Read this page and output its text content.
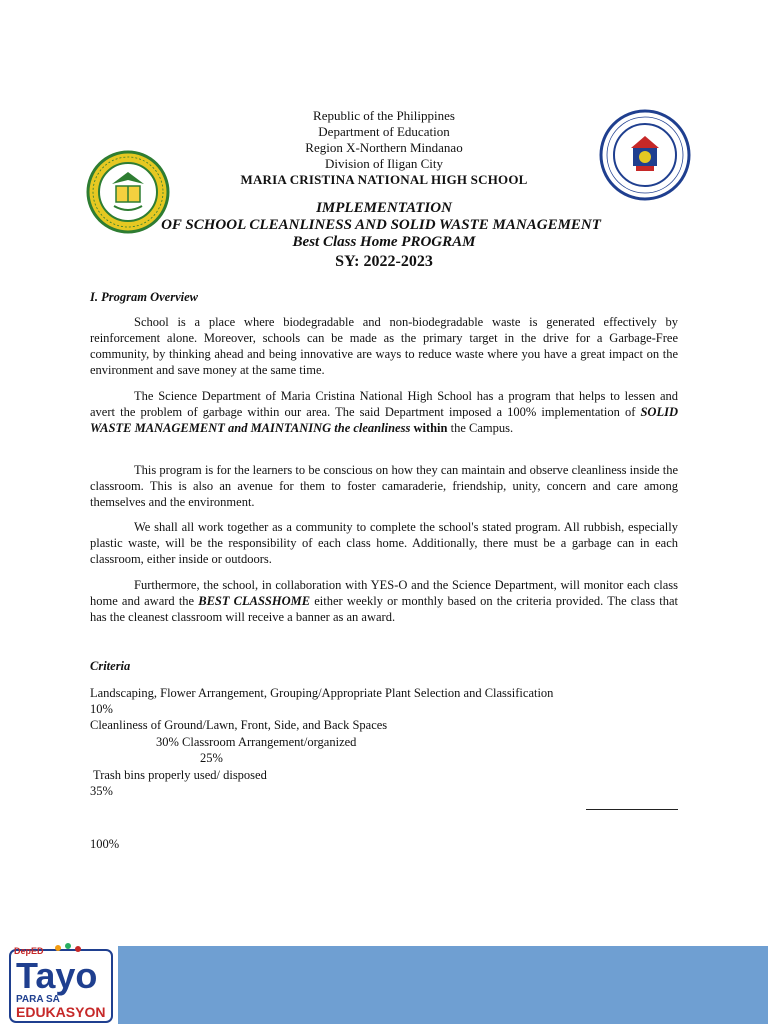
Republic of the Philippines
Department of Education
Region X-Northern Mindanao
Division of Iligan City
MARIA CRISTINA NATIONAL HIGH SCHOOL
IMPLEMENTATION
OF SCHOOL CLEANLINESS AND SOLID WASTE MANAGEMENT
Best Class Home PROGRAM
SY: 2022-2023
I. Program Overview
School is a place where biodegradable and non-biodegradable waste is generated effectively by reinforcement alone. Moreover, schools can be made as the primary target in the drive for a Garbage-Free community, by thinking ahead and being innovative are ways to reduce waste where you have a great impact on the environment and save money at the same time.
The Science Department of Maria Cristina National High School has a program that helps to lessen and avert the problem of garbage within our area. The said Department imposed a 100% implementation of SOLID WASTE MANAGEMENT and MAINTANING the cleanliness within the Campus.
This program is for the learners to be conscious on how they can maintain and observe cleanliness inside the classroom. This is also an avenue for them to foster camaraderie, friendship, unity, concern and care among themselves and the environment.
We shall all work together as a community to complete the school's stated program. All rubbish, especially plastic waste, will be the responsibility of each class home. Additionally, there must be a garbage can in each classroom, either inside or outdoors.
Furthermore, the school, in collaboration with YES-O and the Science Department, will monitor each class home and award the BEST CLASSHOME either weekly or monthly based on the criteria provided. The class that has the cleanest classroom will receive a banner as an award.
Criteria
Landscaping, Flower Arrangement, Grouping/Appropriate Plant Selection and Classification
10%
Cleanliness of Ground/Lawn, Front, Side, and Back Spaces
30% Classroom Arrangement/organized
25%
Trash bins properly used/ disposed
35%
100%
DepED
Tayo
PARA SA
EDUKASYON
